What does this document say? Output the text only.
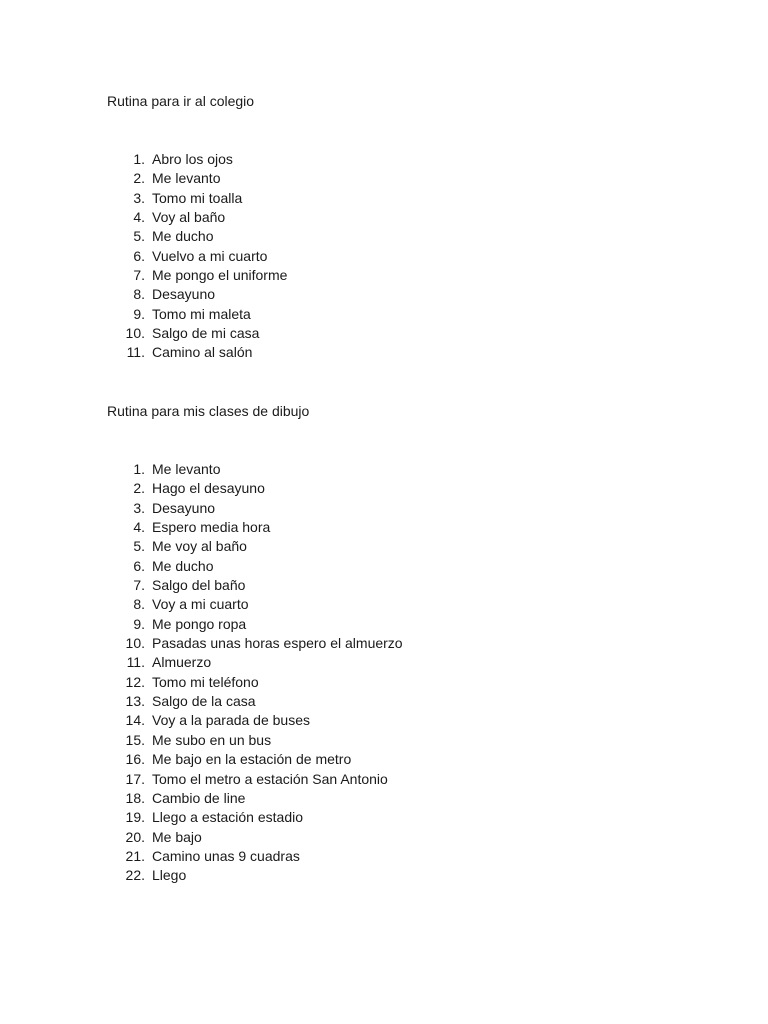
Rutina para ir al colegio
1. Abro los ojos
2. Me levanto
3. Tomo mi toalla
4. Voy al baño
5. Me ducho
6. Vuelvo a mi cuarto
7. Me pongo el uniforme
8. Desayuno
9. Tomo mi maleta
10. Salgo de mi casa
11. Camino al salón
Rutina para mis clases de dibujo
1. Me levanto
2. Hago el desayuno
3. Desayuno
4. Espero media hora
5. Me voy al baño
6. Me ducho
7. Salgo del baño
8. Voy a mi cuarto
9. Me pongo ropa
10. Pasadas unas horas espero el almuerzo
11. Almuerzo
12. Tomo mi teléfono
13. Salgo de la casa
14. Voy a la parada de buses
15. Me subo en un bus
16. Me bajo en la estación de metro
17. Tomo el metro a estación San Antonio
18. Cambio de line
19. Llego a estación estadio
20. Me bajo
21. Camino unas 9 cuadras
22. Llego
